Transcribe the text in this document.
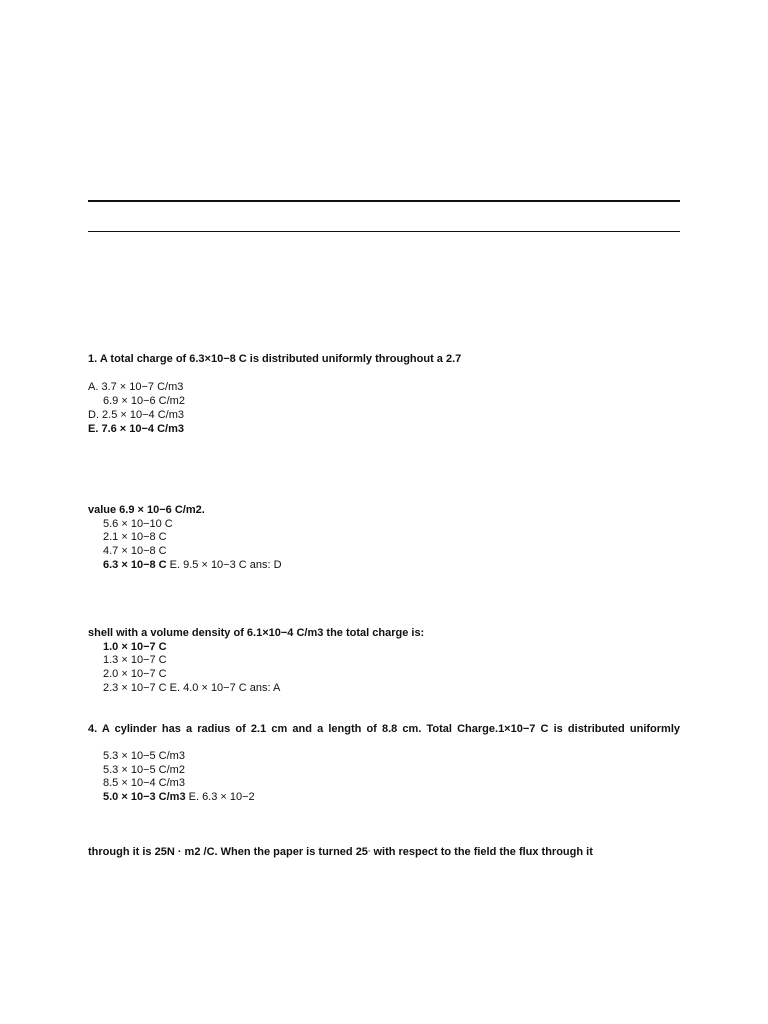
1. A total charge of 6.3×10−8 C is distributed uniformly throughout a 2.7
A. 3.7 × 10−7 C/m3
6.9 × 10−6 C/m2
D. 2.5 × 10−4 C/m3
E. 7.6 × 10−4 C/m3
value 6.9 × 10−6 C/m2.
5.6 × 10−10 C
2.1 × 10−8 C
4.7 × 10−8 C
6.3 × 10−8 C E. 9.5 × 10−3 C ans: D
shell with a volume density of 6.1×10−4 C/m3 the total charge is:
1.0 × 10−7 C
1.3 × 10−7 C
2.0 × 10−7 C
2.3 × 10−7 C E. 4.0 × 10−7 C ans: A
4. A cylinder has a radius of 2.1 cm and a length of 8.8 cm. Total Charge.1×10−7 C is distributed uniformly
5.3 × 10−5 C/m3
5.3 × 10−5 C/m2
8.5 × 10−4 C/m3
5.0 × 10−3 C/m3 E. 6.3 × 10−2
through it is 25N · m2 /C. When the paper is turned 25◦ with respect to the field the flux through it
